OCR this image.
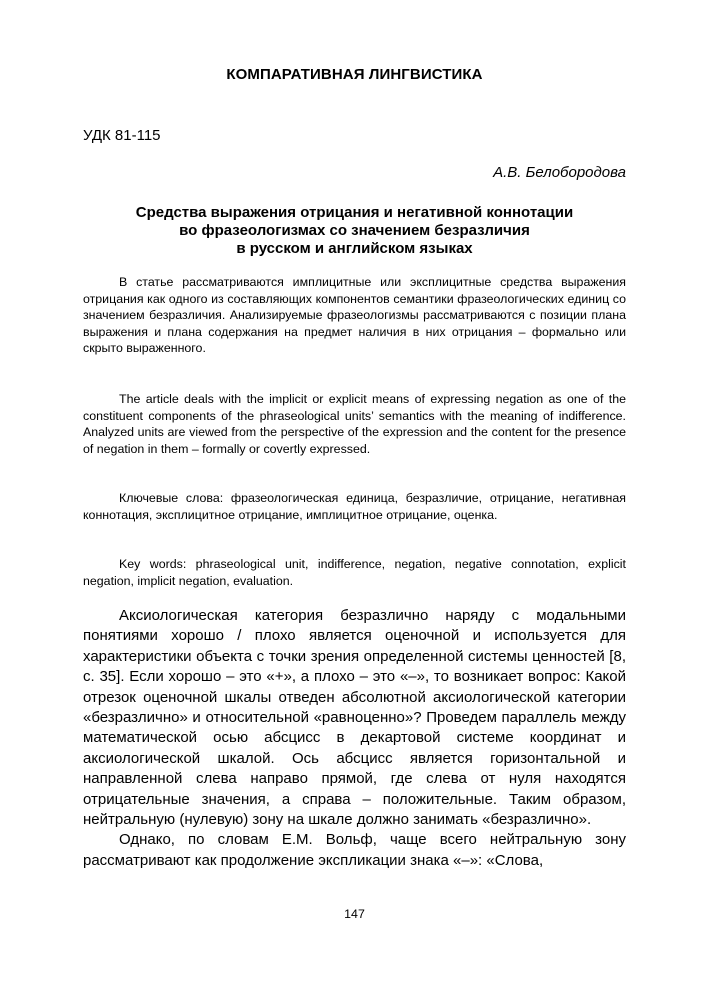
КОМПАРАТИВНАЯ ЛИНГВИСТИКА
УДК 81-115
А.В. Белобородова
Средства выражения отрицания и негативной коннотации
во фразеологизмах со значением безразличия
в русском и английском языках

В статье рассматриваются имплицитные или эксплицитные средства выражения отрицания как одного из составляющих компонентов семантики фразеологических единиц со значением безразличия. Анализируемые фразеологизмы рассматриваются с позиции плана выражения и плана содержания на предмет наличия в них отрицания – формально или скрыто выраженного.

The article deals with the implicit or explicit means of expressing negation as one of the constituent components of the phraseological units’ semantics with the meaning of indifference. Analyzed units are viewed from the perspective of the expression and the content for the presence of negation in them – formally or covertly expressed.

Ключевые слова: фразеологическая единица, безразличие, отрицание, негативная коннотация, эксплицитное отрицание, имплицитное отрицание, оценка.

Key words: phraseological unit, indifference, negation, negative connotation, explicit negation, implicit negation, evaluation.

Аксиологическая категория безразлично наряду с модальными понятиями хорошо / плохо является оценочной и используется для характеристики объекта с точки зрения определенной системы ценностей [8, с. 35]. Если хорошо – это «+», а плохо – это «–», то возникает вопрос: Какой отрезок оценочной шкалы отведен абсолютной аксиологической категории «безразлично» и относительной «равноценно»? Проведем параллель между математической осью абсцисс в декартовой системе координат и аксиологической шкалой. Ось абсцисс является горизонтальной и направленной слева направо прямой, где слева от нуля находятся отрицательные значения, а справа – положительные. Таким образом, нейтральную (нулевую) зону на шкале должно занимать «безразлично».

Однако, по словам Е.М. Вольф, чаще всего нейтральную зону рассматривают как продолжение экспликации знака «–»: «Слова,

147
